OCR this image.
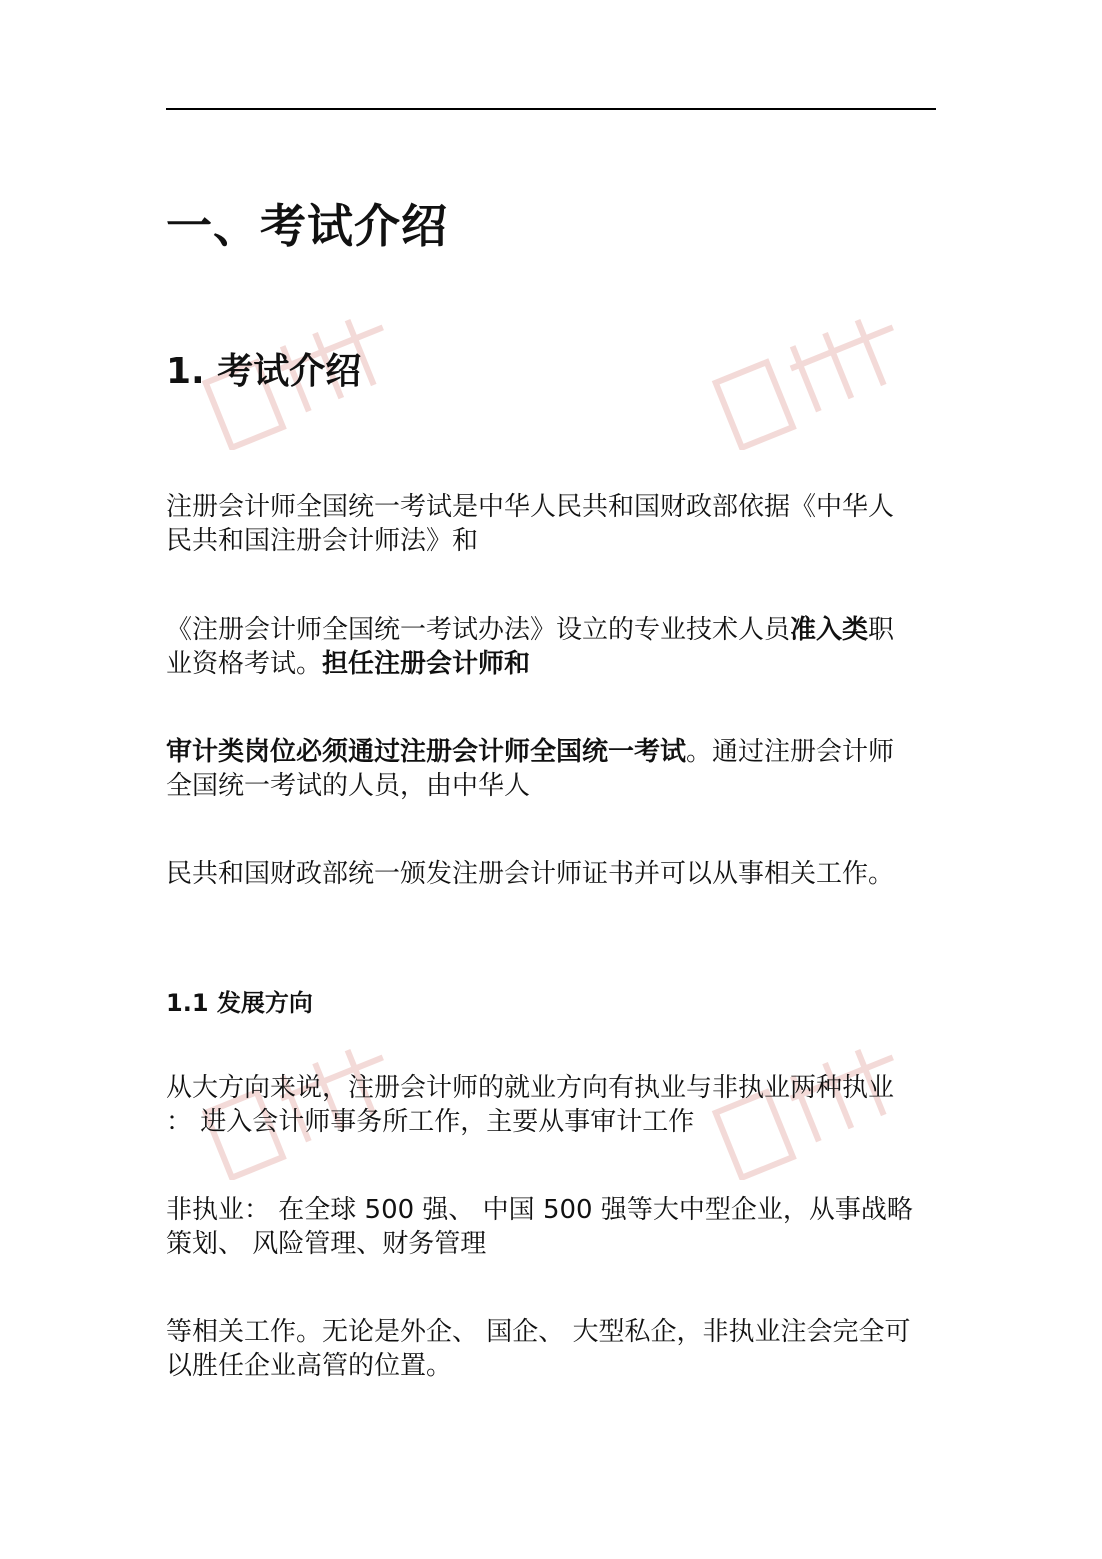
一、考试介绍
1. 考试介绍
注册会计师全国统一考试是中华人民共和国财政部依据《中华人
民共和国注册会计师法》和
《注册会计师全国统一考试办法》设立的专业技术人员准入类职
业资格考试。担任注册会计师和
审计类岗位必须通过注册会计师全国统一考试。通过注册会计师
全国统一考试的人员，由中华人
民共和国财政部统一颁发注册会计师证书并可以从事相关工作。
1.1 发展方向
从大方向来说，注册会计师的就业方向有执业与非执业两种执业
： 进入会计师事务所工作，主要从事审计工作
非执业： 在全球 500 强、 中国 500 强等大中型企业，从事战略
策划、 风险管理、财务管理
等相关工作。无论是外企、 国企、 大型私企，非执业注会完全可
以胜任企业高管的位置。
